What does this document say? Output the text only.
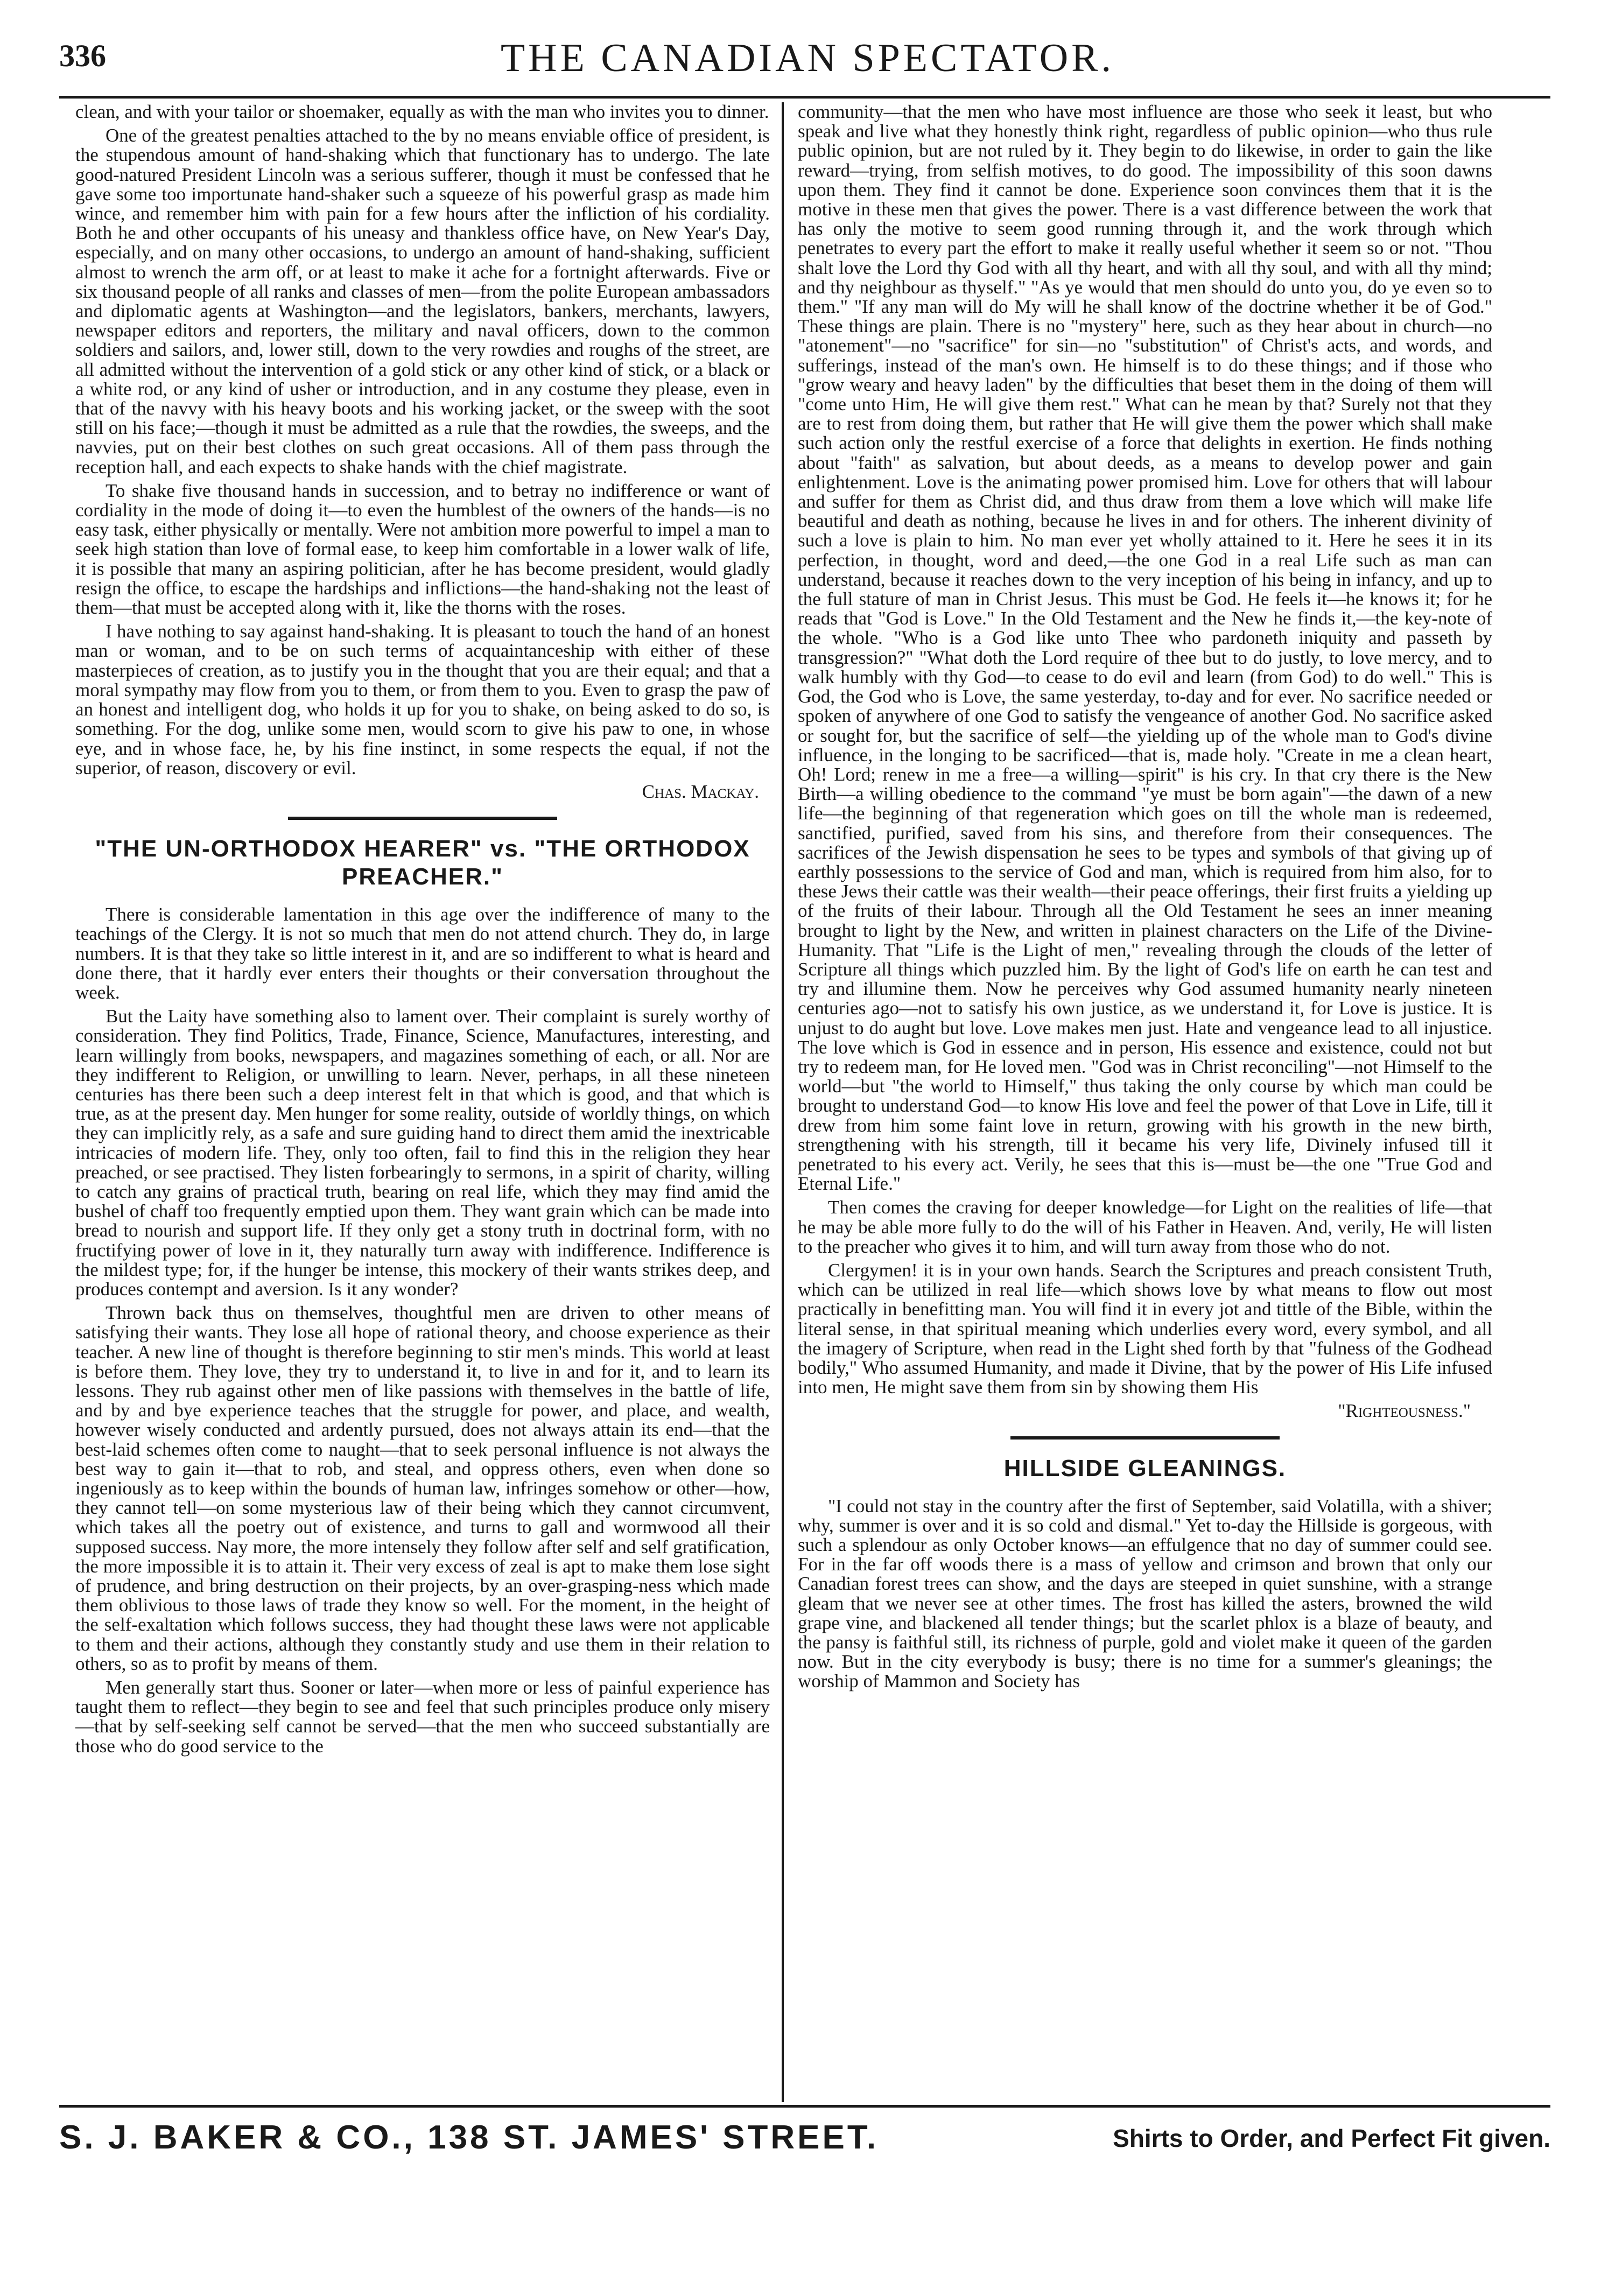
336	THE CANADIAN SPECTATOR.

clean, and with your tailor or shoemaker, equally as with the man who invites you to dinner.

One of the greatest penalties attached to the by no means enviable office of president, is the stupendous amount of hand-shaking which that functionary has to undergo. The late good-natured President Lincoln was a serious sufferer, though it must be confessed that he gave some too importunate hand-shaker such a squeeze of his powerful grasp as made him wince, and remember him with pain for a few hours after the infliction of his cordiality. Both he and other occupants of his uneasy and thankless office have, on New Year's Day, especially, and on many other occasions, to undergo an amount of hand-shaking, sufficient almost to wrench the arm off, or at least to make it ache for a fortnight afterwards. Five or six thousand people of all ranks and classes of men—from the polite European ambassadors and diplomatic agents at Washington—and the legislators, bankers, merchants, lawyers, newspaper editors and reporters, the military and naval officers, down to the common soldiers and sailors, and, lower still, down to the very rowdies and roughs of the street, are all admitted without the intervention of a gold stick or any other kind of stick, or a black or a white rod, or any kind of usher or introduction, and in any costume they please, even in that of the navvy with his heavy boots and his working jacket, or the sweep with the soot still on his face;—though it must be admitted as a rule that the rowdies, the sweeps, and the navvies, put on their best clothes on such great occasions. All of them pass through the reception hall, and each expects to shake hands with the chief magistrate.

To shake five thousand hands in succession, and to betray no indifference or want of cordiality in the mode of doing it—to even the humblest of the owners of the hands—is no easy task, either physically or mentally. Were not ambition more powerful to impel a man to seek high station than love of formal ease, to keep him comfortable in a lower walk of life, it is possible that many an aspiring politician, after he has become president, would gladly resign the office, to escape the hardships and inflictions—the hand-shaking not the least of them—that must be accepted along with it, like the thorns with the roses.

I have nothing to say against hand-shaking. It is pleasant to touch the hand of an honest man or woman, and to be on such terms of acquaintanceship with either of these masterpieces of creation, as to justify you in the thought that you are their equal; and that a moral sympathy may flow from you to them, or from them to you. Even to grasp the paw of an honest and intelligent dog, who holds it up for you to shake, on being asked to do so, is something. For the dog, unlike some men, would scorn to give his paw to one, in whose eye, and in whose face, he, by his fine instinct, in some respects the equal, if not the superior, of reason, discovery or evil.

Chas. Mackay.

"THE UN-ORTHODOX HEARER" vs. "THE ORTHODOX PREACHER."

There is considerable lamentation in this age over the indifference of many to the teachings of the Clergy. It is not so much that men do not attend church. They do, in large numbers. It is that they take so little interest in it, and are so indifferent to what is heard and done there, that it hardly ever enters their thoughts or their conversation throughout the week.

But the Laity have something also to lament over. Their complaint is surely worthy of consideration. They find Politics, Trade, Finance, Science, Manufactures, interesting, and learn willingly from books, newspapers, and magazines something of each, or all. Nor are they indifferent to Religion, or unwilling to learn. Never, perhaps, in all these nineteen centuries has there been such a deep interest felt in that which is good, and that which is true, as at the present day. Men hunger for some reality, outside of worldly things, on which they can implicitly rely, as a safe and sure guiding hand to direct them amid the inextricable intricacies of modern life. They, only too often, fail to find this in the religion they hear preached, or see practised. They listen forbearingly to sermons, in a spirit of charity, willing to catch any grains of practical truth, bearing on real life, which they may find amid the bushel of chaff too frequently emptied upon them. They want grain which can be made into bread to nourish and support life. If they only get a stony truth in doctrinal form, with no fructifying power of love in it, they naturally turn away with indifference. Indifference is the mildest type; for, if the hunger be intense, this mockery of their wants strikes deep, and produces contempt and aversion. Is it any wonder?

Thrown back thus on themselves, thoughtful men are driven to other means of satisfying their wants. They lose all hope of rational theory, and choose experience as their teacher. A new line of thought is therefore beginning to stir men's minds. This world at least is before them. They love, they try to understand it, to live in and for it, and to learn its lessons. They rub against other men of like passions with themselves in the battle of life, and by and bye experience teaches that the struggle for power, and place, and wealth, however wisely conducted and ardently pursued, does not always attain its end—that the best-laid schemes often come to naught—that to seek personal influence is not always the best way to gain it—that to rob, and steal, and oppress others, even when done so ingeniously as to keep within the bounds of human law, infringes somehow or other—how, they cannot tell—on some mysterious law of their being which they cannot circumvent, which takes all the poetry out of existence, and turns to gall and wormwood all their supposed success. Nay more, the more intensely they follow after self and self gratification, the more impossible it is to attain it. Their very excess of zeal is apt to make them lose sight of prudence, and bring destruction on their projects, by an over-grasping-ness which made them oblivious to those laws of trade they know so well. For the moment, in the height of the self-exaltation which follows success, they had thought these laws were not applicable to them and their actions, although they constantly study and use them in their relation to others, so as to profit by means of them.

Men generally start thus. Sooner or later—when more or less of painful experience has taught them to reflect—they begin to see and feel that such principles produce only misery—that by self-seeking self cannot be served—that the men who succeed substantially are those who do good service to the

community—that the men who have most influence are those who seek it least, but who speak and live what they honestly think right, regardless of public opinion—who thus rule public opinion, but are not ruled by it. They begin to do likewise, in order to gain the like reward—trying, from selfish motives, to do good. The impossibility of this soon dawns upon them. They find it cannot be done. Experience soon convinces them that it is the motive in these men that gives the power. There is a vast difference between the work that has only the motive to seem good running through it, and the work through which penetrates to every part the effort to make it really useful whether it seem so or not. "Thou shalt love the Lord thy God with all thy heart, and with all thy soul, and with all thy mind; and thy neighbour as thyself." "As ye would that men should do unto you, do ye even so to them." "If any man will do My will he shall know of the doctrine whether it be of God." These things are plain. There is no "mystery" here, such as they hear about in church—no "atonement"—no "sacrifice" for sin—no "substitution" of Christ's acts, and words, and sufferings, instead of the man's own. He himself is to do these things; and if those who "grow weary and heavy laden" by the difficulties that beset them in the doing of them will "come unto Him, He will give them rest." What can he mean by that? Surely not that they are to rest from doing them, but rather that He will give them the power which shall make such action only the restful exercise of a force that delights in exertion. He finds nothing about "faith" as salvation, but about deeds, as a means to develop power and gain enlightenment. Love is the animating power promised him. Love for others that will labour and suffer for them as Christ did, and thus draw from them a love which will make life beautiful and death as nothing, because he lives in and for others. The inherent divinity of such a love is plain to him. No man ever yet wholly attained to it. Here he sees it in its perfection, in thought, word and deed,—the one God in a real Life such as man can understand, because it reaches down to the very inception of his being in infancy, and up to the full stature of man in Christ Jesus. This must be God. He feels it—he knows it; for he reads that "God is Love." In the Old Testament and the New he finds it,—the key-note of the whole. "Who is a God like unto Thee who pardoneth iniquity and passeth by transgression?" "What doth the Lord require of thee but to do justly, to love mercy, and to walk humbly with thy God—to cease to do evil and learn (from God) to do well." This is God, the God who is Love, the same yesterday, to-day and for ever. No sacrifice needed or spoken of anywhere of one God to satisfy the vengeance of another God. No sacrifice asked or sought for, but the sacrifice of self—the yielding up of the whole man to God's divine influence, in the longing to be sacrificed—that is, made holy. "Create in me a clean heart, Oh! Lord; renew in me a free—a willing—spirit" is his cry. In that cry there is the New Birth—a willing obedience to the command "ye must be born again"—the dawn of a new life—the beginning of that regeneration which goes on till the whole man is redeemed, sanctified, purified, saved from his sins, and therefore from their consequences. The sacrifices of the Jewish dispensation he sees to be types and symbols of that giving up of earthly possessions to the service of God and man, which is required from him also, for to these Jews their cattle was their wealth—their peace offerings, their first fruits a yielding up of the fruits of their labour. Through all the Old Testament he sees an inner meaning brought to light by the New, and written in plainest characters on the Life of the Divine-Humanity. That "Life is the Light of men," revealing through the clouds of the letter of Scripture all things which puzzled him. By the light of God's life on earth he can test and try and illumine them. Now he perceives why God assumed humanity nearly nineteen centuries ago—not to satisfy his own justice, as we understand it, for Love is justice. It is unjust to do aught but love. Love makes men just. Hate and vengeance lead to all injustice. The love which is God in essence and in person, His essence and existence, could not but try to redeem man, for He loved men. "God was in Christ reconciling"—not Himself to the world—but "the world to Himself," thus taking the only course by which man could be brought to understand God—to know His love and feel the power of that Love in Life, till it drew from him some faint love in return, growing with his growth in the new birth, strengthening with his strength, till it became his very life, Divinely infused till it penetrated to his every act. Verily, he sees that this is—must be—the one "True God and Eternal Life."

Then comes the craving for deeper knowledge—for Light on the realities of life—that he may be able more fully to do the will of his Father in Heaven. And, verily, He will listen to the preacher who gives it to him, and will turn away from those who do not.

Clergymen! it is in your own hands. Search the Scriptures and preach consistent Truth, which can be utilized in real life—which shows love by what means to flow out most practically in benefitting man. You will find it in every jot and tittle of the Bible, within the literal sense, in that spiritual meaning which underlies every word, every symbol, and all the imagery of Scripture, when read in the Light shed forth by that "fulness of the Godhead bodily," Who assumed Humanity, and made it Divine, that by the power of His Life infused into men, He might save them from sin by showing them His

"Righteousness."

HILLSIDE GLEANINGS.

"I could not stay in the country after the first of September, said Volatilla, with a shiver; why, summer is over and it is so cold and dismal." Yet to-day the Hillside is gorgeous, with such a splendour as only October knows—an effulgence that no day of summer could see. For in the far off woods there is a mass of yellow and crimson and brown that only our Canadian forest trees can show, and the days are steeped in quiet sunshine, with a strange gleam that we never see at other times. The frost has killed the asters, browned the wild grape vine, and blackened all tender things; but the scarlet phlox is a blaze of beauty, and the pansy is faithful still, its richness of purple, gold and violet make it queen of the garden now. But in the city everybody is busy; there is no time for a summer's gleanings; the worship of Mammon and Society has

S. J. BAKER & CO., 138 ST. JAMES' STREET.	Shirts to Order, and Perfect Fit given.
